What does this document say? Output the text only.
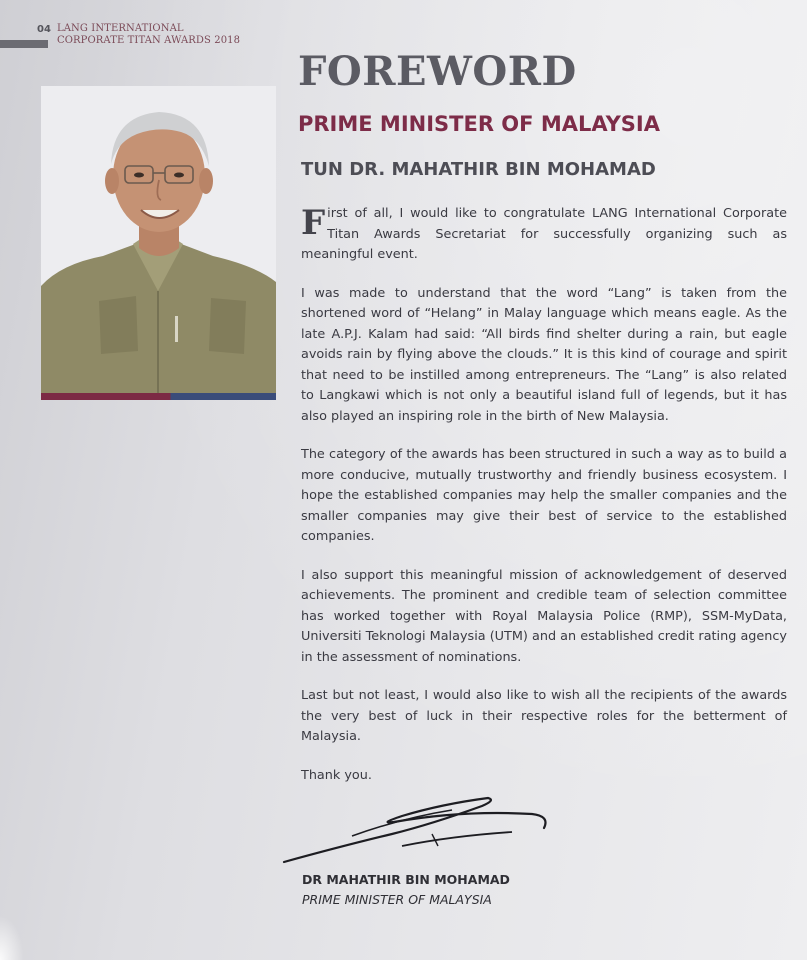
04 LANG INTERNATIONAL
CORPORATE TITAN AWARDS 2018
FOREWORD
PRIME MINISTER OF MALAYSIA
TUN DR. MAHATHIR BIN MOHAMAD

First of all, I would like to congratulate LANG International Corporate Titan Awards Secretariat for successfully organizing such as meaningful event.

I was made to understand that the word “Lang” is taken from the shortened word of “Helang” in Malay language which means eagle. As the late A.P.J. Kalam had said: “All birds find shelter during a rain, but eagle avoids rain by flying above the clouds.” It is this kind of courage and spirit that need to be instilled among entrepreneurs. The “Lang” is also related to Langkawi which is not only a beautiful island full of legends, but it has also played an inspiring role in the birth of New Malaysia.

The category of the awards has been structured in such a way as to build a more conducive, mutually trustworthy and friendly business ecosystem. I hope the established companies may help the smaller companies and the smaller companies may give their best of service to the established companies.

I also support this meaningful mission of acknowledgement of deserved achievements. The prominent and credible team of selection committee has worked together with Royal Malaysia Police (RMP), SSM-MyData, Universiti Teknologi Malaysia (UTM) and an established credit rating agency in the assessment of nominations.

Last but not least, I would also like to wish all the recipients of the awards the very best of luck in their respective roles for the betterment of Malaysia.

Thank you.

DR MAHATHIR BIN MOHAMAD
PRIME MINISTER OF MALAYSIA
